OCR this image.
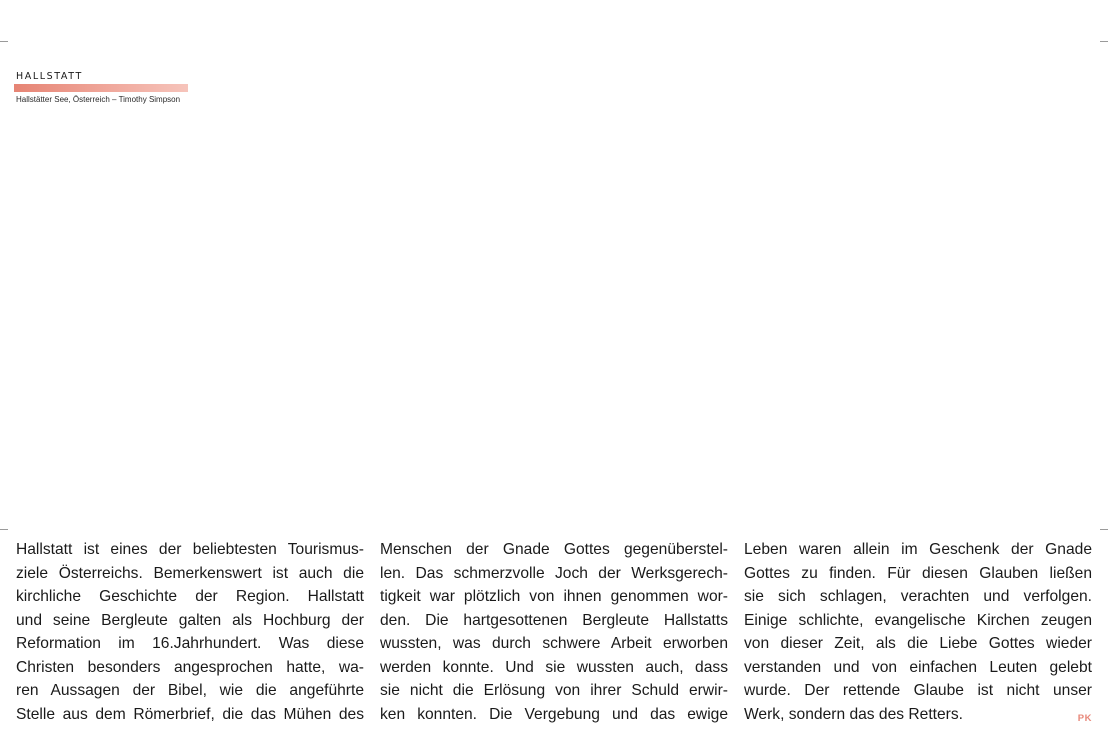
HALLSTATT
Hallstätter See, Österreich – Timothy Simpson
Hallstatt ist eines der beliebtesten Tourismus-
ziele Österreichs. Bemerkenswert ist auch die
kirchliche Geschichte der Region. Hallstatt
und seine Bergleute galten als Hochburg der
Reformation im 16.Jahrhundert. Was diese
Christen besonders angesprochen hatte, wa-
ren Aussagen der Bibel, wie die angeführte
Stelle aus dem Römerbrief, die das Mühen des
Menschen der Gnade Gottes gegenüberstel-
len. Das schmerzvolle Joch der Werksgerech-
tigkeit war plötzlich von ihnen genommen wor-
den. Die hartgesottenen Bergleute Hallstatts
wussten, was durch schwere Arbeit erworben
werden konnte. Und sie wussten auch, dass
sie nicht die Erlösung von ihrer Schuld erwir-
ken konnten. Die Vergebung und das ewige
Leben waren allein im Geschenk der Gnade
Gottes zu finden. Für diesen Glauben ließen
sie sich schlagen, verachten und verfolgen.
Einige schlichte, evangelische Kirchen zeugen
von dieser Zeit, als die Liebe Gottes wieder
verstanden und von einfachen Leuten gelebt
wurde. Der rettende Glaube ist nicht unser
Werk, sondern das des Retters.	PK
